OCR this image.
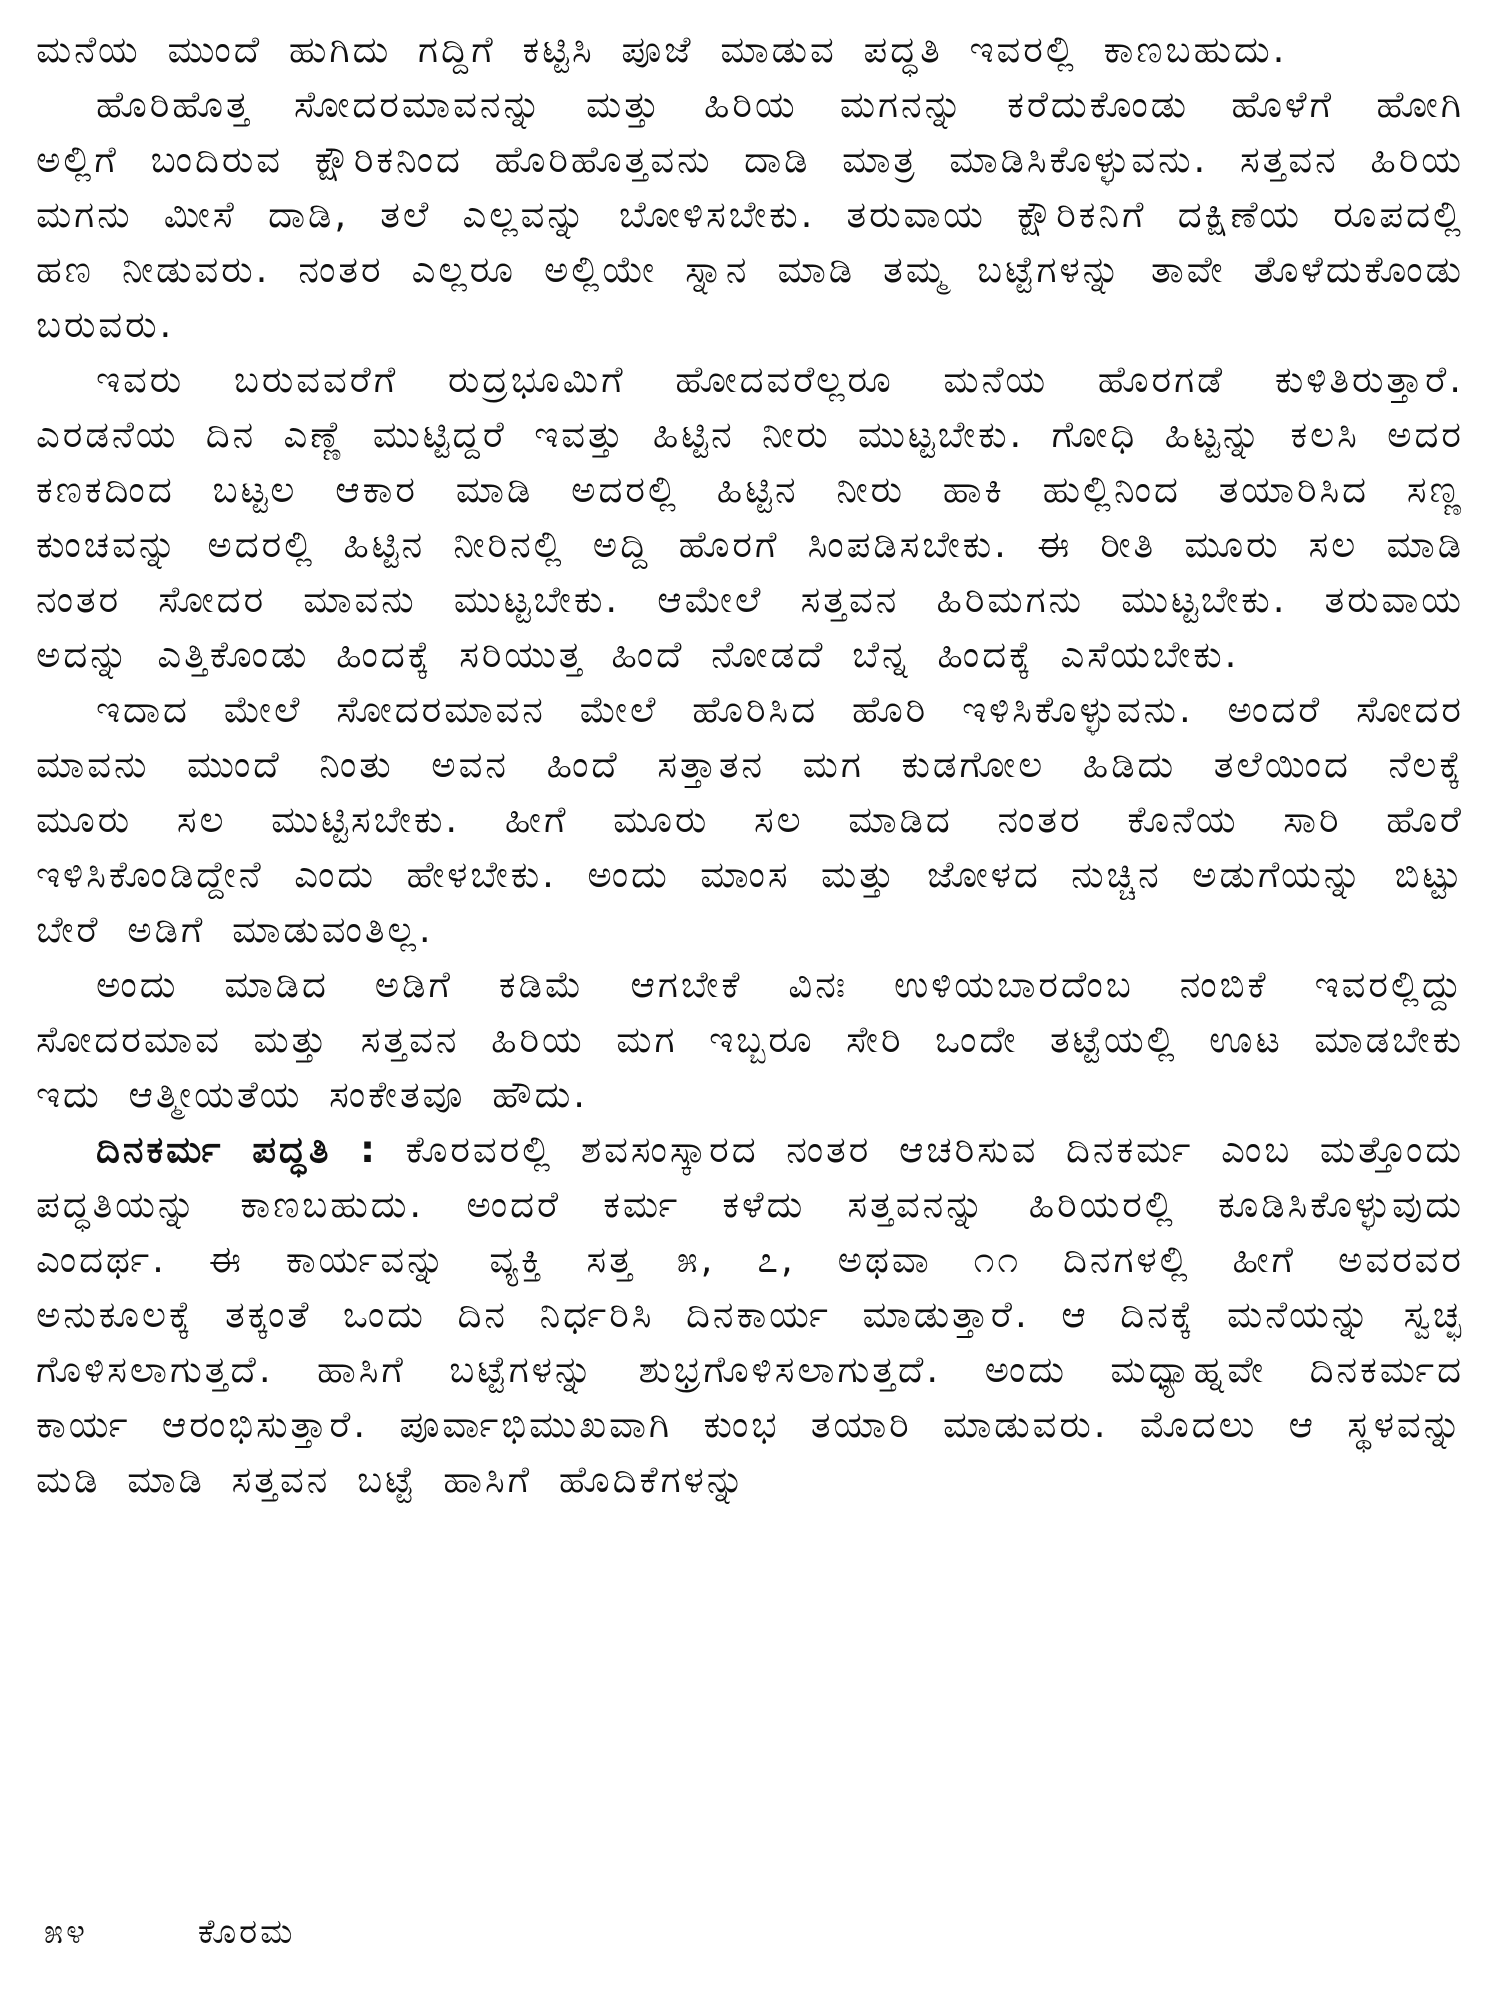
ಮನೆಯ ಮುಂದೆ ಹುಗಿದು ಗದ್ದಿಗೆ ಕಟ್ಟಿಸಿ ಪೂಜೆ ಮಾಡುವ ಪದ್ಧತಿ ಇವರಲ್ಲಿ ಕಾಣಬಹುದು.

ಹೊರಿಹೊತ್ತ ಸೋದರಮಾವನನ್ನು ಮತ್ತು ಹಿರಿಯ ಮಗನನ್ನು ಕರೆದುಕೊಂಡು ಹೊಳೆಗೆ ಹೋಗಿ ಅಲ್ಲಿಗೆ ಬಂದಿರುವ ಕ್ಷೌರಿಕನಿಂದ ಹೊರಿಹೊತ್ತವನು ದಾಡಿ ಮಾತ್ರ ಮಾಡಿಸಿಕೊಳ್ಳುವನು. ಸತ್ತವನ ಹಿರಿಯ ಮಗನು ಮೀಸೆ ದಾಡಿ, ತಲೆ ಎಲ್ಲವನ್ನು ಬೋಳಿಸಬೇಕು. ತರುವಾಯ ಕ್ಷೌರಿಕನಿಗೆ ದಕ್ಷಿಣೆಯ ರೂಪದಲ್ಲಿ ಹಣ ನೀಡುವರು. ನಂತರ ಎಲ್ಲರೂ ಅಲ್ಲಿಯೇ ಸ್ನಾನ ಮಾಡಿ ತಮ್ಮ ಬಟ್ಟೆಗಳನ್ನು ತಾವೇ ತೊಳೆದುಕೊಂಡು ಬರುವರು.

ಇವರು ಬರುವವರೆಗೆ ರುದ್ರಭೂಮಿಗೆ ಹೋದವರೆಲ್ಲರೂ ಮನೆಯ ಹೊರಗಡೆ ಕುಳಿತಿರುತ್ತಾರೆ. ಎರಡನೆಯ ದಿನ ಎಣ್ಣೆ ಮುಟ್ಟಿದ್ದರೆ ಇವತ್ತು ಹಿಟ್ಟಿನ ನೀರು ಮುಟ್ಟಬೇಕು. ಗೋಧಿ ಹಿಟ್ಟನ್ನು ಕಲಸಿ ಅದರ ಕಣಕದಿಂದ ಬಟ್ಟಲ ಆಕಾರ ಮಾಡಿ ಅದರಲ್ಲಿ ಹಿಟ್ಟಿನ ನೀರು ಹಾಕಿ ಹುಲ್ಲಿನಿಂದ ತಯಾರಿಸಿದ ಸಣ್ಣ ಕುಂಚವನ್ನು ಅದರಲ್ಲಿ ಹಿಟ್ಟಿನ ನೀರಿನಲ್ಲಿ ಅದ್ದಿ ಹೊರಗೆ ಸಿಂಪಡಿಸಬೇಕು. ಈ ರೀತಿ ಮೂರು ಸಲ ಮಾಡಿ ನಂತರ ಸೋದರ ಮಾವನು ಮುಟ್ಟಬೇಕು. ಆಮೇಲೆ ಸತ್ತವನ ಹಿರಿಮಗನು ಮುಟ್ಟಬೇಕು. ತರುವಾಯ ಅದನ್ನು ಎತ್ತಿಕೊಂಡು ಹಿಂದಕ್ಕೆ ಸರಿಯುತ್ತ ಹಿಂದೆ ನೋಡದೆ ಬೆನ್ನ ಹಿಂದಕ್ಕೆ ಎಸೆಯಬೇಕು.

ಇದಾದ ಮೇಲೆ ಸೋದರಮಾವನ ಮೇಲೆ ಹೊರಿಸಿದ ಹೊರಿ ಇಳಿಸಿಕೊಳ್ಳುವನು. ಅಂದರೆ ಸೋದರ ಮಾವನು ಮುಂದೆ ನಿಂತು ಅವನ ಹಿಂದೆ ಸತ್ತಾತನ ಮಗ ಕುಡಗೋಲ ಹಿಡಿದು ತಲೆಯಿಂದ ನೆಲಕ್ಕೆ ಮೂರು ಸಲ ಮುಟ್ಟಿಸಬೇಕು. ಹೀಗೆ ಮೂರು ಸಲ ಮಾಡಿದ ನಂತರ ಕೊನೆಯ ಸಾರಿ ಹೊರೆ ಇಳಿಸಿಕೊಂಡಿದ್ದೇನೆ ಎಂದು ಹೇಳಬೇಕು. ಅಂದು ಮಾಂಸ ಮತ್ತು ಜೋಳದ ನುಚ್ಚಿನ ಅಡುಗೆಯನ್ನು ಬಿಟ್ಟು ಬೇರೆ ಅಡಿಗೆ ಮಾಡುವಂತಿಲ್ಲ.

ಅಂದು ಮಾಡಿದ ಅಡಿಗೆ ಕಡಿಮೆ ಆಗಬೇಕೆ ವಿನಃ ಉಳಿಯಬಾರದೆಂಬ ನಂಬಿಕೆ ಇವರಲ್ಲಿದ್ದು ಸೋದರಮಾವ ಮತ್ತು ಸತ್ತವನ ಹಿರಿಯ ಮಗ ಇಬ್ಬರೂ ಸೇರಿ ಒಂದೇ ತಟ್ಟೆಯಲ್ಲಿ ಊಟ ಮಾಡಬೇಕು ಇದು ಆತ್ಮೀಯತೆಯ ಸಂಕೇತವೂ ಹೌದು.

ದಿನಕರ್ಮ ಪದ್ಧತಿ : ಕೊರವರಲ್ಲಿ ಶವಸಂಸ್ಕಾರದ ನಂತರ ಆಚರಿಸುವ ದಿನಕರ್ಮ ಎಂಬ ಮತ್ತೊಂದು ಪದ್ಧತಿಯನ್ನು ಕಾಣಬಹುದು. ಅಂದರೆ ಕರ್ಮ ಕಳೆದು ಸತ್ತವನನ್ನು ಹಿರಿಯರಲ್ಲಿ ಕೂಡಿಸಿಕೊಳ್ಳುವುದು ಎಂದರ್ಥ. ಈ ಕಾರ್ಯವನ್ನು ವ್ಯಕ್ತಿ ಸತ್ತ ೫, ೭, ಅಥವಾ ೧೧ ದಿನಗಳಲ್ಲಿ ಹೀಗೆ ಅವರವರ ಅನುಕೂಲಕ್ಕೆ ತಕ್ಕಂತೆ ಒಂದು ದಿನ ನಿರ್ಧರಿಸಿ ದಿನಕಾರ್ಯ ಮಾಡುತ್ತಾರೆ. ಆ ದಿನಕ್ಕೆ ಮನೆಯನ್ನು ಸ್ವಚ್ಛ ಗೊಳಿಸಲಾಗುತ್ತದೆ. ಹಾಸಿಗೆ ಬಟ್ಟೆಗಳನ್ನು ಶುಭ್ರಗೊಳಿಸಲಾಗುತ್ತದೆ. ಅಂದು ಮಧ್ಯಾಹ್ನವೇ ದಿನಕರ್ಮದ ಕಾರ್ಯ ಆರಂಭಿಸುತ್ತಾರೆ. ಪೂರ್ವಾಭಿಮುಖವಾಗಿ ಕುಂಭ ತಯಾರಿ ಮಾಡುವರು. ಮೊದಲು ಆ ಸ್ಥಳವನ್ನು ಮಡಿ ಮಾಡಿ ಸತ್ತವನ ಬಟ್ಟೆ ಹಾಸಿಗೆ ಹೊದಿಕೆಗಳನ್ನು

೫೪	ಕೊರಮ
